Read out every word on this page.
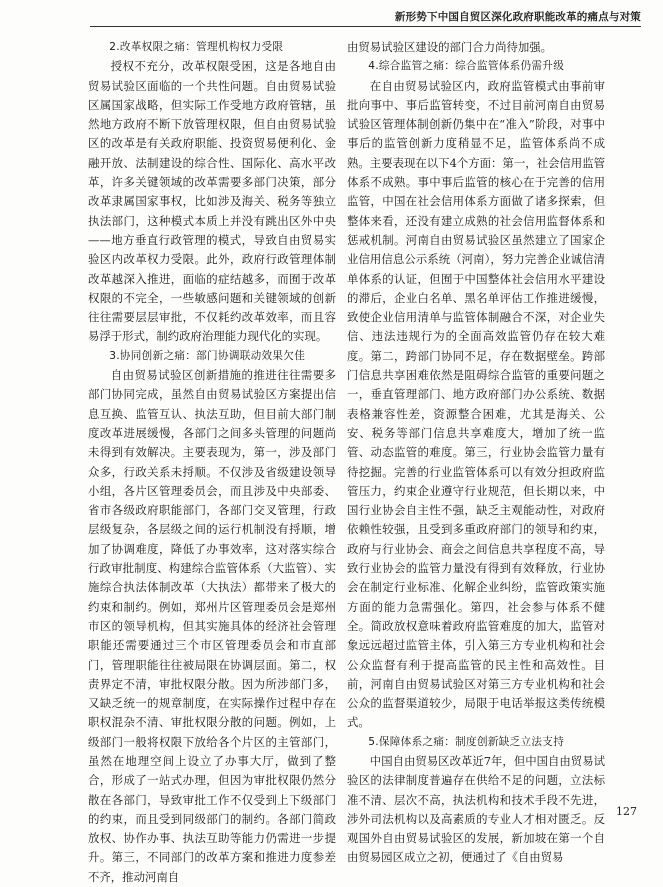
新形势下中国自贸区深化政府职能改革的痛点与对策
2.改革权限之痛：管理机构权力受限

授权不充分，改革权限受困，这是各地自由贸易试验区面临的一个共性问题。自由贸易试验区属国家战略，但实际工作受地方政府管辖，虽然地方政府不断下放管理权限，但自由贸易试验区的改革是有关政府职能、投资贸易便利化、金融开放、法制建设的综合性、国际化、高水平改革，许多关键领域的改革需要多部门决策，部分改革隶属国家事权，比如涉及海关、税务等独立执法部门，这种模式本质上并没有跳出区外中央——地方垂直行政管理的模式，导致自由贸易实验区内改革权力受限。此外，政府行政管理体制改革越深入推进，面临的症结越多，而囿于改革权限的不完全，一些敏感问题和关键领域的创新往往需要层层审批，不仅耗约改革效率，而且容易浮于形式，制约政府治理能力现代化的实现。

3.协同创新之痛：部门协调联动效果欠佳

自由贸易试验区创新措施的推进往往需要多部门协同完成，虽然自由贸易试验区方案提出信息互换、监管互认、执法互助，但目前大部门制度改革进展缓慢，各部门之间多头管理的问题尚未得到有效解决。主要表现为，第一，涉及部门众多，行政关系未捋顺。不仅涉及省级建设领导小组，各片区管理委员会，而且涉及中央部委、省市各级政府职能部门，各部门交叉管理，行政层级复杂，各层级之间的运行机制没有捋顺，增加了协调难度，降低了办事效率，这对落实综合行政审批制度、构建综合监管体系（大监管）、实施综合执法体制改革（大执法）都带来了极大的约束和制约。例如，郑州片区管理委员会是郑州市区的领导机构，但其实施具体的经济社会管理职能还需要通过三个市区管理委员会和市直部门，管理职能往往被局限在协调层面。第二，权责界定不清，审批权限分散。因为所涉部门多，又缺乏统一的规章制度，在实际操作过程中存在职权混杂不清、审批权限分散的问题。例如，上级部门一般将权限下放给各个片区的主管部门，虽然在地理空间上设立了办事大厅，做到了整合，形成了一站式办理，但因为审批权限仍然分散在各部门，导致审批工作不仅受到上下级部门的约束，而且受到同级部门的制约。各部门简政放权、协作办事、执法互助等能力仍需进一步提升。第三，不同部门的改革方案和推进力度参差不齐，推动河南自

由贸易试验区建设的部门合力尚待加强。

4.综合监管之痛：综合监管体系仍需升级

在自由贸易试验区内，政府监管模式由事前审批向事中、事后监管转变，不过目前河南自由贸易试验区管理体制创新仍集中在“准入”阶段，对事中事后的监管创新力度稍显不足，监管体系尚不成熟。主要表现在以下4个方面：第一，社会信用监管体系不成熟。事中事后监管的核心在于完善的信用监管，中国在社会信用体系方面做了诸多探索，但整体来看，还没有建立成熟的社会信用监督体系和惩戒机制。河南自由贸易试验区虽然建立了国家企业信用信息公示系统（河南），努力完善企业诚信清单体系的认证，但囿于中国整体社会信用水平建设的滞后，企业白名单、黑名单评估工作推进缓慢，致使企业信用清单与监管体制融合不深，对企业失信、违法违规行为的全面高效监管仍存在较大难度。第二，跨部门协同不足，存在数据壁垒。跨部门信息共享困难依然是阻碍综合监管的重要问题之一，垂直管理部门、地方政府部门办公系统、数据表格兼容性差，资源整合困难，尤其是海关、公安、税务等部门信息共享难度大，增加了统一监管、动态监管的难度。第三，行业协会监管力量有待挖掘。完善的行业监管体系可以有效分担政府监管压力，约束企业遵守行业规范，但长期以来，中国行业协会自主性不强，缺乏主观能动性，对政府依赖性较强，且受到多重政府部门的领导和约束，政府与行业协会、商会之间信息共享程度不高，导致行业协会的监管力量没有得到有效释放，行业协会在制定行业标准、化解企业纠纷，监管政策实施方面的能力急需强化。第四，社会参与体系不健全。简政放权意味着政府监管难度的加大，监管对象远远超过监管主体，引入第三方专业机构和社会公众监督有利于提高监管的民主性和高效性。目前，河南自由贸易试验区对第三方专业机构和社会公众的监督渠道较少，局限于电话举报这类传统模式。

5.保障体系之痛：制度创新缺乏立法支持

中国自由贸易区改革近7年，但中国自由贸易试验区的法律制度普遍存在供给不足的问题，立法标准不清、层次不高，执法机构和技术手段不先进，涉外司法机构以及高素质的专业人才相对匮乏。反观国外自由贸易试验区的发展，新加坡在第一个自由贸易园区成立之初，便通过了《自由贸易

127
